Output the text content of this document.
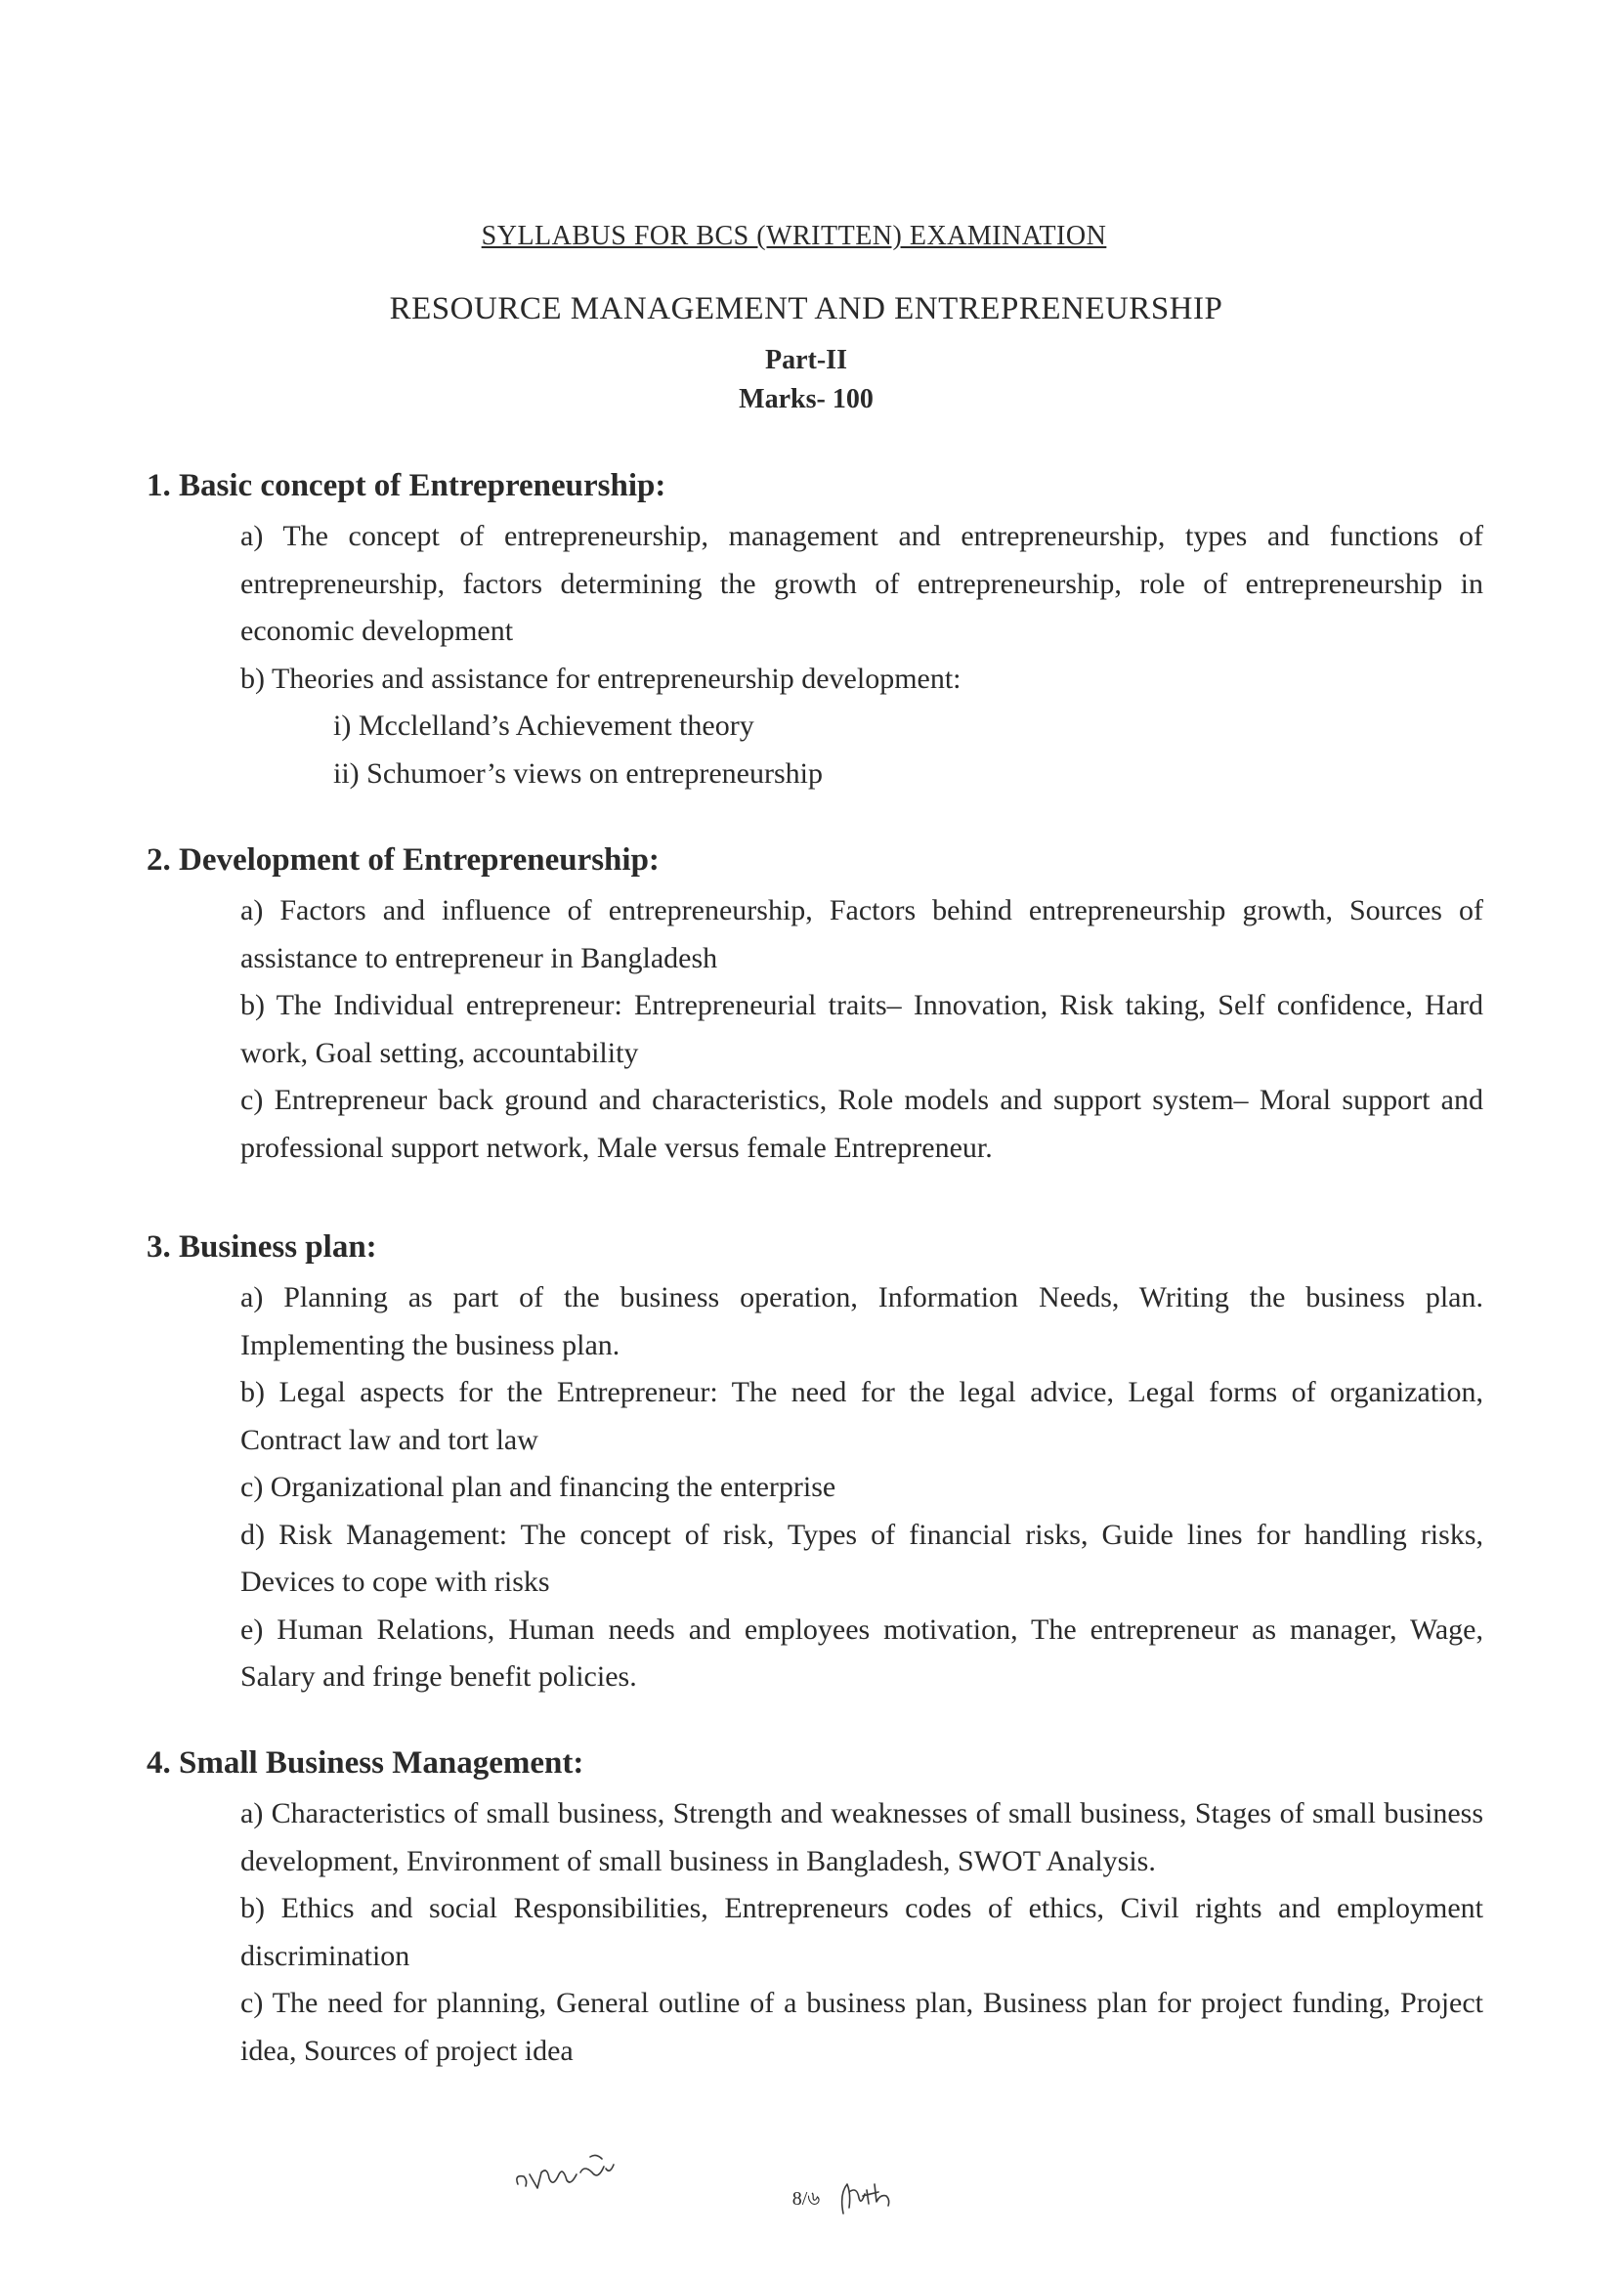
SYLLABUS FOR BCS (WRITTEN) EXAMINATION
RESOURCE MANAGEMENT AND ENTREPRENEURSHIP
Part-II
Marks- 100
1. Basic concept of Entrepreneurship:

a) The concept of entrepreneurship, management and entrepreneurship, types and functions of entrepreneurship, factors determining the growth of entrepreneurship, role of entrepreneurship in economic development

b) Theories and assistance for entrepreneurship development:

i) Mcclelland’s Achievement theory

ii) Schumoer’s views on entrepreneurship

2. Development of Entrepreneurship:

a) Factors and influence of entrepreneurship, Factors behind entrepreneurship growth, Sources of assistance to entrepreneur in Bangladesh

b) The Individual entrepreneur: Entrepreneurial traits– Innovation, Risk taking, Self confidence, Hard work, Goal setting, accountability

c) Entrepreneur back ground and characteristics, Role models and support system– Moral support and professional support network, Male versus female Entrepreneur.

3. Business plan:

a) Planning as part of the business operation, Information Needs, Writing the business plan. Implementing the business plan.

b) Legal aspects for the Entrepreneur: The need for the legal advice, Legal forms of organization, Contract law and tort law

c) Organizational plan and financing the enterprise

d) Risk Management: The concept of risk, Types of financial risks, Guide lines for handling risks, Devices to cope with risks

e) Human Relations, Human needs and employees motivation, The entrepreneur as manager, Wage, Salary and fringe benefit policies.

4. Small Business Management:

a) Characteristics of small business, Strength and weaknesses of small business, Stages of small business development, Environment of small business in Bangladesh, SWOT Analysis.

b) Ethics and social Responsibilities, Entrepreneurs codes of ethics, Civil rights and employment discrimination

c) The need for planning, General outline of a business plan, Business plan for project funding, Project idea, Sources of project idea

8/৬
